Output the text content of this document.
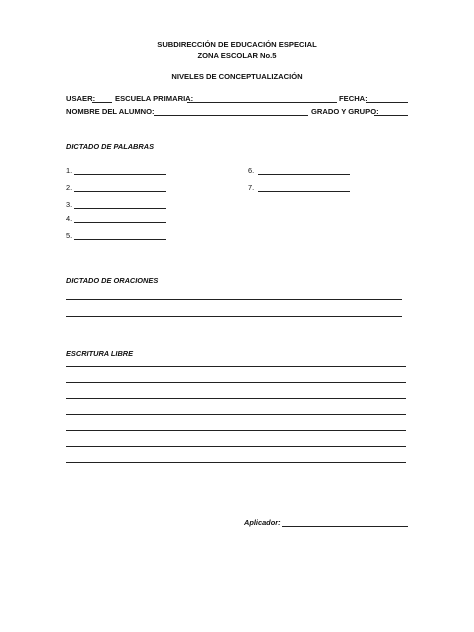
SUBDIRECCIÓN DE EDUCACIÓN ESPECIAL
ZONA ESCOLAR No.5
NIVELES DE CONCEPTUALIZACIÓN
USAER:	ESCUELA PRIMARIA:	FECHA:
NOMBRE DEL ALUMNO:	GRADO Y GRUPO:
DICTADO DE PALABRAS
1.
2.
3.
4.
5.
6.
7.
DICTADO DE ORACIONES
ESCRITURA LIBRE
Aplicador:
